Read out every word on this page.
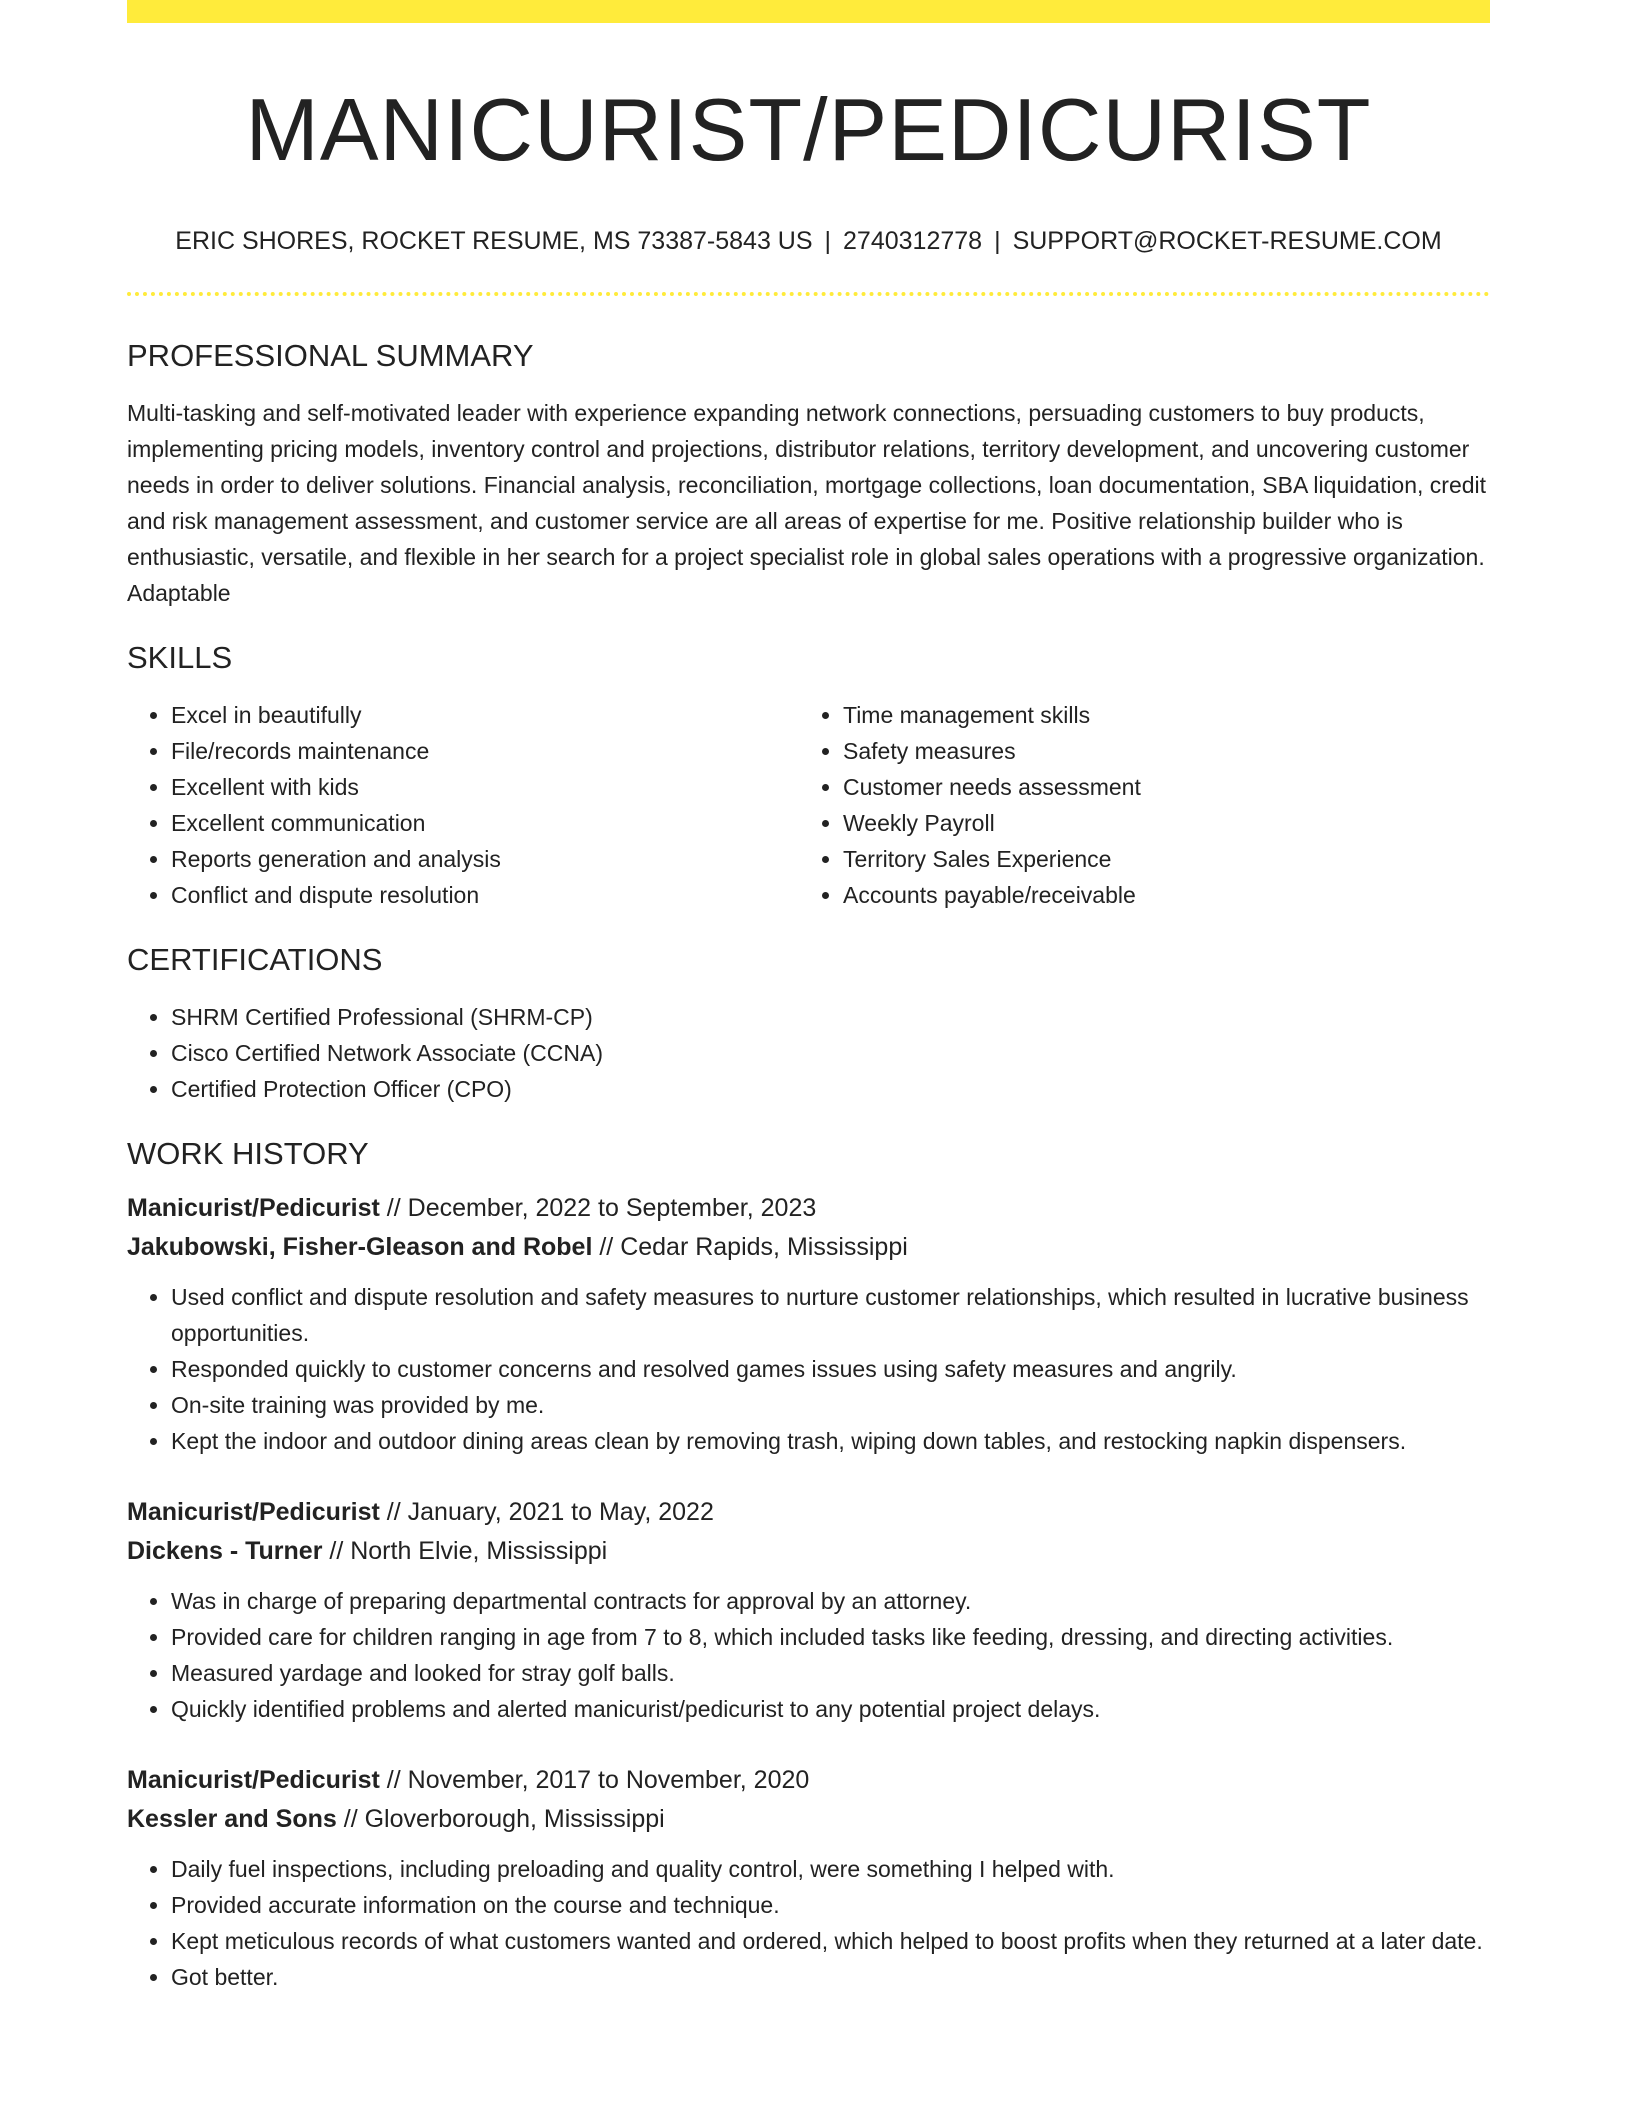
MANICURIST/PEDICURIST
ERIC SHORES, ROCKET RESUME, MS 73387-5843 US | 2740312778 | SUPPORT@ROCKET-RESUME.COM
PROFESSIONAL SUMMARY
Multi-tasking and self-motivated leader with experience expanding network connections, persuading customers to buy products, implementing pricing models, inventory control and projections, distributor relations, territory development, and uncovering customer needs in order to deliver solutions. Financial analysis, reconciliation, mortgage collections, loan documentation, SBA liquidation, credit and risk management assessment, and customer service are all areas of expertise for me. Positive relationship builder who is enthusiastic, versatile, and flexible in her search for a project specialist role in global sales operations with a progressive organization. Adaptable
SKILLS
• Excel in beautifully
• File/records maintenance
• Excellent with kids
• Excellent communication
• Reports generation and analysis
• Conflict and dispute resolution
• Time management skills
• Safety measures
• Customer needs assessment
• Weekly Payroll
• Territory Sales Experience
• Accounts payable/receivable
CERTIFICATIONS
• SHRM Certified Professional (SHRM-CP)
• Cisco Certified Network Associate (CCNA)
• Certified Protection Officer (CPO)
WORK HISTORY
Manicurist/Pedicurist // December, 2022 to September, 2023
Jakubowski, Fisher-Gleason and Robel // Cedar Rapids, Mississippi
• Used conflict and dispute resolution and safety measures to nurture customer relationships, which resulted in lucrative business opportunities.
• Responded quickly to customer concerns and resolved games issues using safety measures and angrily.
• On-site training was provided by me.
• Kept the indoor and outdoor dining areas clean by removing trash, wiping down tables, and restocking napkin dispensers.
Manicurist/Pedicurist // January, 2021 to May, 2022
Dickens - Turner // North Elvie, Mississippi
• Was in charge of preparing departmental contracts for approval by an attorney.
• Provided care for children ranging in age from 7 to 8, which included tasks like feeding, dressing, and directing activities.
• Measured yardage and looked for stray golf balls.
• Quickly identified problems and alerted manicurist/pedicurist to any potential project delays.
Manicurist/Pedicurist // November, 2017 to November, 2020
Kessler and Sons // Gloverborough, Mississippi
• Daily fuel inspections, including preloading and quality control, were something I helped with.
• Provided accurate information on the course and technique.
• Kept meticulous records of what customers wanted and ordered, which helped to boost profits when they returned at a later date.
• Got better.
